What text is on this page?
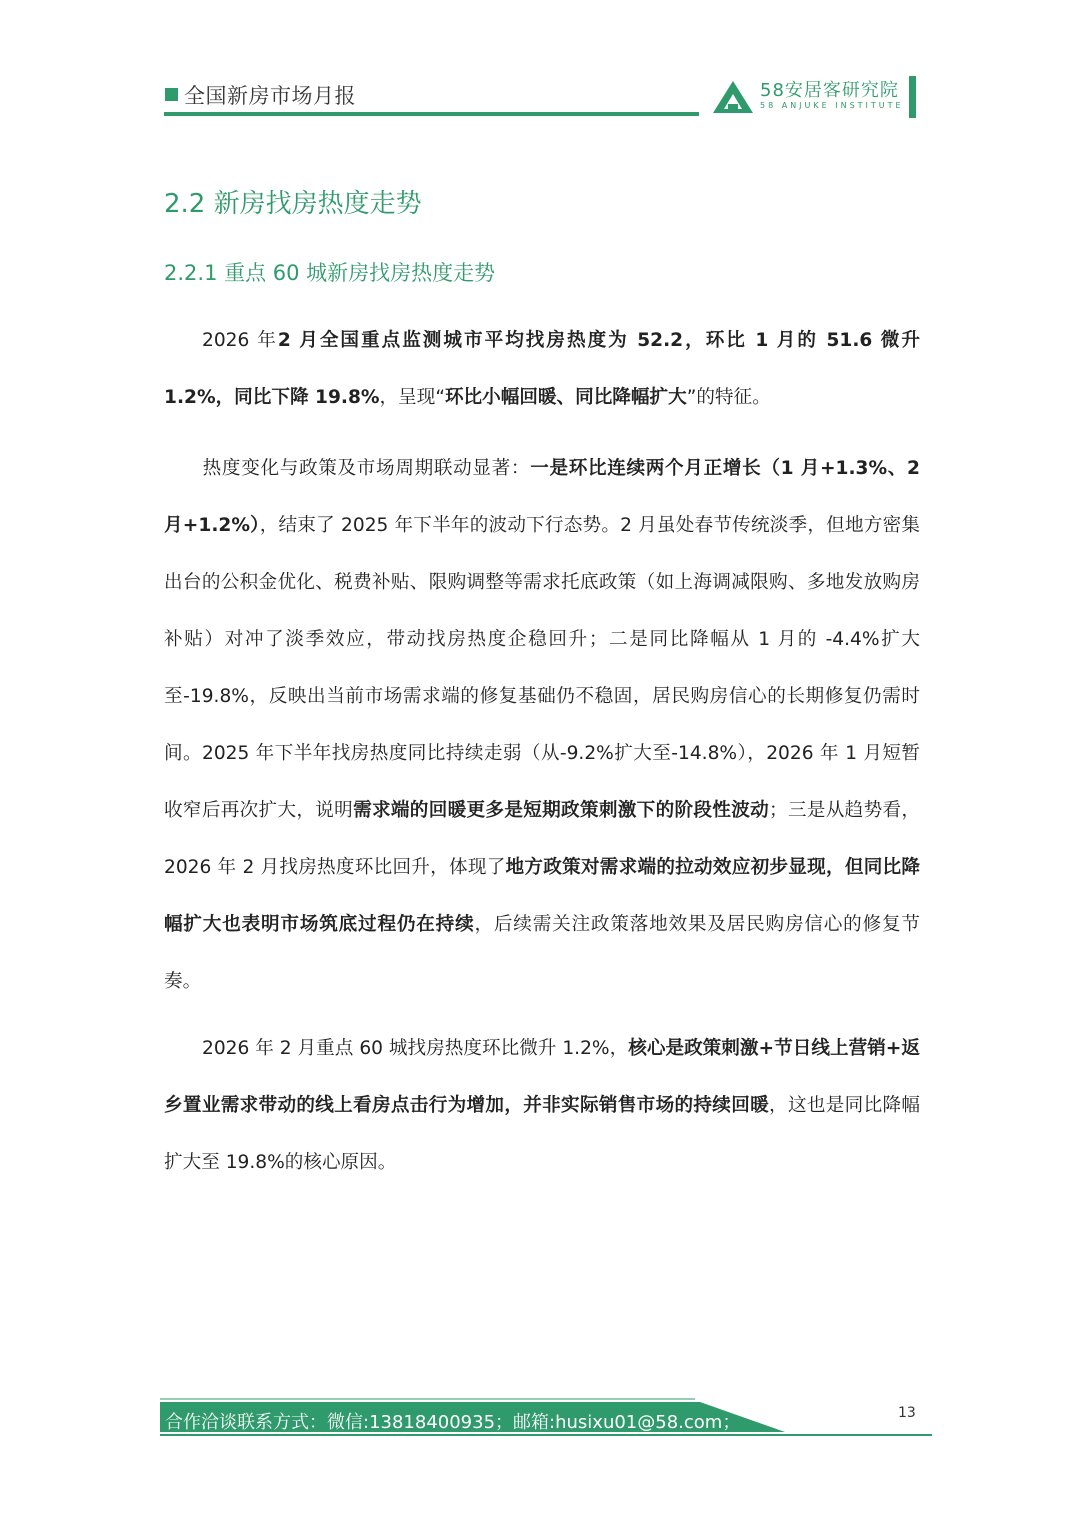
全国新房市场月报	58安居客研究院
58 ANJUKE INSTITUTE
2.2 新房找房热度走势
2.2.1 重点 60 城新房找房热度走势

2026 年2 月全国重点监测城市平均找房热度为 52.2，环比 1 月的 51.6 微升 1.2%，同比下降 19.8%，呈现“环比小幅回暖、同比降幅扩大”的特征。

热度变化与政策及市场周期联动显著：一是环比连续两个月正增长（1 月+1.3%、2 月+1.2%），结束了 2025 年下半年的波动下行态势。2 月虽处春节传统淡季，但地方密集出台的公积金优化、税费补贴、限购调整等需求托底政策（如上海调减限购、多地发放购房补贴）对冲了淡季效应，带动找房热度企稳回升；二是同比降幅从 1 月的 -4.4%扩大至-19.8%，反映出当前市场需求端的修复基础仍不稳固，居民购房信心的长期修复仍需时间。2025 年下半年找房热度同比持续走弱（从-9.2%扩大至-14.8%），2026 年 1 月短暂收窄后再次扩大，说明需求端的回暖更多是短期政策刺激下的阶段性波动；三是从趋势看，2026 年 2 月找房热度环比回升，体现了地方政策对需求端的拉动效应初步显现，但同比降幅扩大也表明市场筑底过程仍在持续，后续需关注政策落地效果及居民购房信心的修复节奏。

2026 年 2 月重点 60 城找房热度环比微升 1.2%，核心是政策刺激+节日线上营销+返乡置业需求带动的线上看房点击行为增加，并非实际销售市场的持续回暖，这也是同比降幅扩大至 19.8%的核心原因。

合作洽谈联系方式：微信:13818400935；邮箱:husixu01@58.com；	13
